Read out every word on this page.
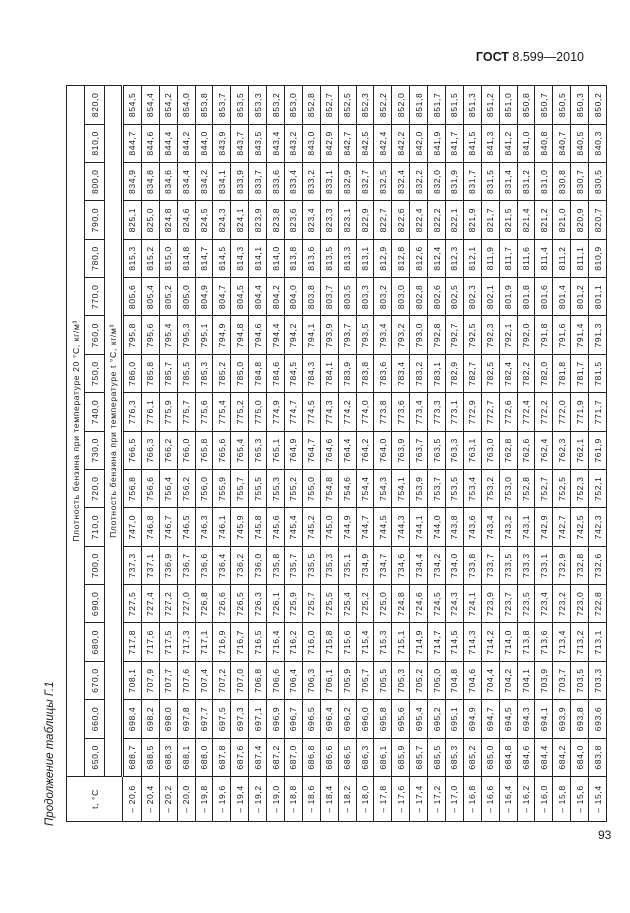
ГОСТ 8.599—2010
Продолжение таблицы Г.1	t, °C	Плотность бензина при температуре 20 °С, кг/м³																	
	650,0	660,0	670,0	680,0	690,0	700,0	710,0	720,0	730,0	740,0	750,0	760,0	770,0	780,0	790,0	800,0	810,0	820,0
	Плотность бензина при температуре t °С, кг/м³																	
– 20,6	688,7	698,4	708,1	717,8	727,5	737,3	747,0	756,8	766,5	776,3	786,0	795,8	805,6	815,3	825,1	834,9	844,7	854,5
– 20,4	688,5	698,2	707,9	717,6	727,4	737,1	746,8	756,6	766,3	776,1	785,8	795,6	805,4	815,2	825,0	834,8	844,6	854,4
– 20,2	688,3	698,0	707,7	717,5	727,2	736,9	746,7	756,4	766,2	775,9	785,7	795,4	805,2	815,0	824,8	834,6	844,4	854,2
– 20,0	688,1	697,8	707,6	717,3	727,0	736,7	746,5	756,2	766,0	775,7	785,5	795,3	805,0	814,8	824,6	834,4	844,2	854,0
– 19,8	688,0	697,7	707,4	717,1	726,8	736,6	746,3	756,0	765,8	775,6	785,3	795,1	804,9	814,7	824,5	834,2	844,0	853,8
– 19,6	687,8	697,5	707,2	716,9	726,6	736,4	746,1	755,9	765,6	775,4	785,2	794,9	804,7	814,5	824,3	834,1	843,9	853,7
– 19,4	687,6	697,3	707,0	716,7	726,5	736,2	745,9	755,7	765,4	775,2	785,0	794,8	804,5	814,3	824,1	833,9	843,7	853,5
– 19,2	687,4	697,1	706,8	716,5	726,3	736,0	745,8	755,5	765,3	775,0	784,8	794,6	804,4	814,1	823,9	833,7	843,5	853,3
– 19,0	687,2	696,9	706,6	716,4	726,1	735,8	745,6	755,3	765,1	774,9	784,6	794,4	804,2	814,0	823,8	833,6	843,4	853,2
– 18,8	687,0	696,7	706,4	716,2	725,9	735,7	745,4	755,2	764,9	774,7	784,5	794,2	804,0	813,8	823,6	833,4	843,2	853,0
– 18,6	686,8	696,5	706,3	716,0	725,7	735,5	745,2	755,0	764,7	774,5	784,3	794,1	803,8	813,6	823,4	833,2	843,0	852,8
– 18,4	686,6	696,4	706,1	715,8	725,5	735,3	745,0	754,8	764,6	774,3	784,1	793,9	803,7	813,5	823,3	833,1	842,9	852,7
– 18,2	686,5	696,2	705,9	715,6	725,4	735,1	744,9	754,6	764,4	774,2	783,9	793,7	803,5	813,3	823,1	832,9	842,7	852,5
– 18,0	686,3	696,0	705,7	715,4	725,2	734,9	744,7	754,4	764,2	774,0	783,8	793,5	803,3	813,1	822,9	832,7	842,5	852,3
– 17,8	686,1	695,8	705,5	715,3	725,0	734,7	744,5	754,3	764,0	773,8	783,6	793,4	803,2	812,9	822,7	832,5	842,4	852,2
– 17,6	685,9	695,6	705,3	715,1	724,8	734,6	744,3	754,1	763,9	773,6	783,4	793,2	803,0	812,8	822,6	832,4	842,2	852,0
– 17,4	685,7	695,4	705,2	714,9	724,6	734,4	744,1	753,9	763,7	773,4	783,2	793,0	802,8	812,6	822,4	832,2	842,0	851,8
– 17,2	685,5	695,2	705,0	714,7	724,5	734,2	744,0	753,7	763,5	773,3	783,1	792,8	802,6	812,4	822,2	832,0	841,9	851,7
– 17,0	685,3	695,1	704,8	714,5	724,3	734,0	743,8	753,5	763,3	773,1	782,9	792,7	802,5	812,3	822,1	831,9	841,7	851,5
– 16,8	685,2	694,9	704,6	714,3	724,1	733,8	743,6	753,4	763,1	772,9	782,7	792,5	802,3	812,1	821,9	831,7	841,5	851,3
– 16,6	685,0	694,7	704,4	714,2	723,9	733,7	743,4	753,2	763,0	772,7	782,5	792,3	802,1	811,9	821,7	831,5	841,3	851,2
– 16,4	684,8	694,5	704,2	714,0	723,7	733,5	743,2	753,0	762,8	772,6	782,4	792,1	801,9	811,7	821,5	831,4	841,2	851,0
– 16,2	684,6	694,3	704,1	713,8	723,5	733,3	743,1	752,8	762,6	772,4	782,2	792,0	801,8	811,6	821,4	831,2	841,0	850,8
– 16,0	684,4	694,1	703,9	713,6	723,4	733,1	742,9	752,7	762,4	772,2	782,0	791,8	801,6	811,4	821,2	831,0	840,8	850,7
– 15,8	684,2	693,9	703,7	713,4	723,2	732,9	742,7	752,5	762,3	772,0	781,8	791,6	801,4	811,2	821,0	830,8	840,7	850,5
– 15,6	684,0	693,8	703,5	713,2	723,0	732,8	742,5	752,3	762,1	771,9	781,7	791,4	801,2	811,1	820,9	830,7	840,5	850,3
– 15,4	683,8	693,6	703,3	713,1	722,8	732,6	742,3	752,1	761,9	771,7	781,5	791,3	801,1	810,9	820,7	830,5	840,3	850,2
93
